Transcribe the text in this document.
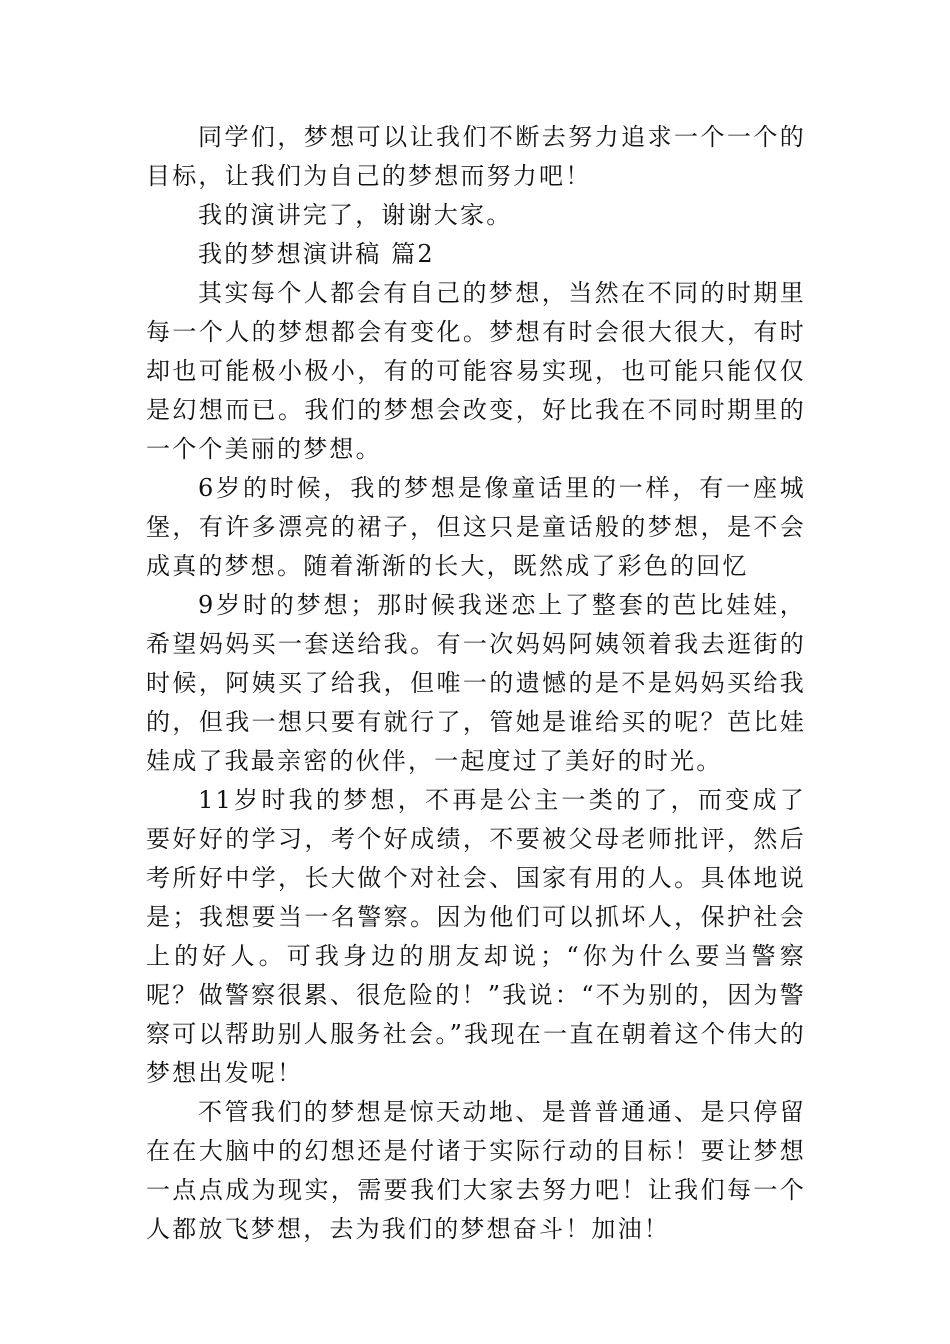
同学们，梦想可以让我们不断去努力追求一个一个的目标，让我们为自己的梦想而努力吧！

我的演讲完了，谢谢大家。

我的梦想演讲稿 篇2

其实每个人都会有自己的梦想，当然在不同的时期里每一个人的梦想都会有变化。梦想有时会很大很大，有时却也可能极小极小，有的可能容易实现，也可能只能仅仅是幻想而已。我们的梦想会改变，好比我在不同时期里的一个个美丽的梦想。

6岁的时候，我的梦想是像童话里的一样，有一座城堡，有许多漂亮的裙子，但这只是童话般的梦想，是不会成真的梦想。随着渐渐的长大，既然成了彩色的回忆

9岁时的梦想；那时候我迷恋上了整套的芭比娃娃，希望妈妈买一套送给我。有一次妈妈阿姨领着我去逛街的时候，阿姨买了给我，但唯一的遗憾的是不是妈妈买给我的，但我一想只要有就行了，管她是谁给买的呢？芭比娃娃成了我最亲密的伙伴，一起度过了美好的时光。

11岁时我的梦想，不再是公主一类的了，而变成了要好好的学习，考个好成绩，不要被父母老师批评，然后考所好中学，长大做个对社会、国家有用的人。具体地说是；我想要当一名警察。因为他们可以抓坏人，保护社会上的好人。可我身边的朋友却说；“你为什么要当警察呢？做警察很累、很危险的！”我说：“不为别的，因为警察可以帮助别人服务社会。”我现在一直在朝着这个伟大的梦想出发呢！

不管我们的梦想是惊天动地、是普普通通、是只停留在在大脑中的幻想还是付诸于实际行动的目标！要让梦想一点点成为现实，需要我们大家去努力吧！让我们每一个人都放飞梦想，去为我们的梦想奋斗！加油！
